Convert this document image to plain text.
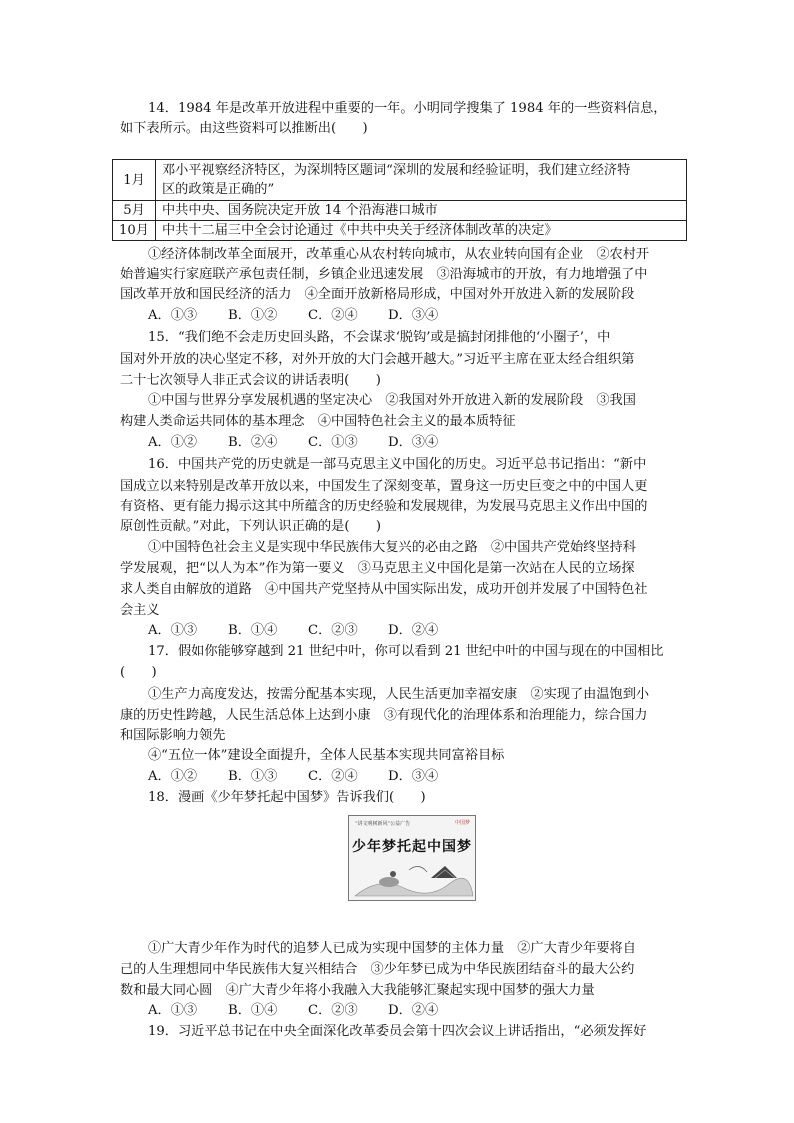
14．1984 年是改革开放进程中重要的一年。小明同学搜集了 1984 年的一些资料信息，
如下表所示。由这些资料可以推断出(　　)
1月	邓小平视察经济特区，为深圳特区题词“深圳的发展和经验证明，我们建立经济特
区的政策是正确的”

5月	中共中央、国务院决定开放 14 个沿海港口城市
10月	中共十二届三中全会讨论通过《中共中央关于经济体制改革的决定》
①经济体制改革全面展开，改革重心从农村转向城市，从农业转向国有企业　②农村开
始普遍实行家庭联产承包责任制，乡镇企业迅速发展　③沿海城市的开放，有力地增强了中
国改革开放和国民经济的活力　④全面开放新格局形成，中国对外开放进入新的发展阶段
A．①③ B．①② C．②④ D．③④
15．“我们绝不会走历史回头路，不会谋求‘脱钩’或是搞封闭排他的‘小圈子’，中
国对外开放的决心坚定不移，对外开放的大门会越开越大。”习近平主席在亚太经合组织第
二十七次领导人非正式会议的讲话表明(　　)
①中国与世界分享发展机遇的坚定决心　②我国对外开放进入新的发展阶段　③我国
构建人类命运共同体的基本理念　④中国特色社会主义的最本质特征
A．①② B．②④ C．①③ D．③④
16．中国共产党的历史就是一部马克思主义中国化的历史。习近平总书记指出：“新中
国成立以来特别是改革开放以来，中国发生了深刻变革，置身这一历史巨变之中的中国人更
有资格、更有能力揭示这其中所蕴含的历史经验和发展规律，为发展马克思主义作出中国的
原创性贡献。”对此，下列认识正确的是(　　)
①中国特色社会主义是实现中华民族伟大复兴的必由之路　②中国共产党始终坚持科
学发展观，把“以人为本”作为第一要义　③马克思主义中国化是第一次站在人民的立场探
求人类自由解放的道路　④中国共产党坚持从中国实际出发，成功开创并发展了中国特色社
会主义
A．①③ B．①④ C．②③ D．②④
17．假如你能够穿越到 21 世纪中叶，你可以看到 21 世纪中叶的中国与现在的中国相比
(　　)
①生产力高度发达，按需分配基本实现，人民生活更加幸福安康　②实现了由温饱到小
康的历史性跨越，人民生活总体上达到小康　③有现代化的治理体系和治理能力，综合国力
和国际影响力领先
④“五位一体”建设全面提升，全体人民基本实现共同富裕目标
A．①② B．①③ C．②④ D．③④
18．漫画《少年梦托起中国梦》告诉我们(　　)
“讲文明树新风”公益广告	中国梦
少年梦托起中国梦
①广大青少年作为时代的追梦人已成为实现中国梦的主体力量　②广大青少年要将自
己的人生理想同中华民族伟大复兴相结合　③少年梦已成为中华民族团结奋斗的最大公约
数和最大同心圆　④广大青少年将小我融入大我能够汇聚起实现中国梦的强大力量
A．①③ B．①④ C．②③ D．②④
19．习近平总书记在中央全面深化改革委员会第十四次会议上讲话指出，“必须发挥好
